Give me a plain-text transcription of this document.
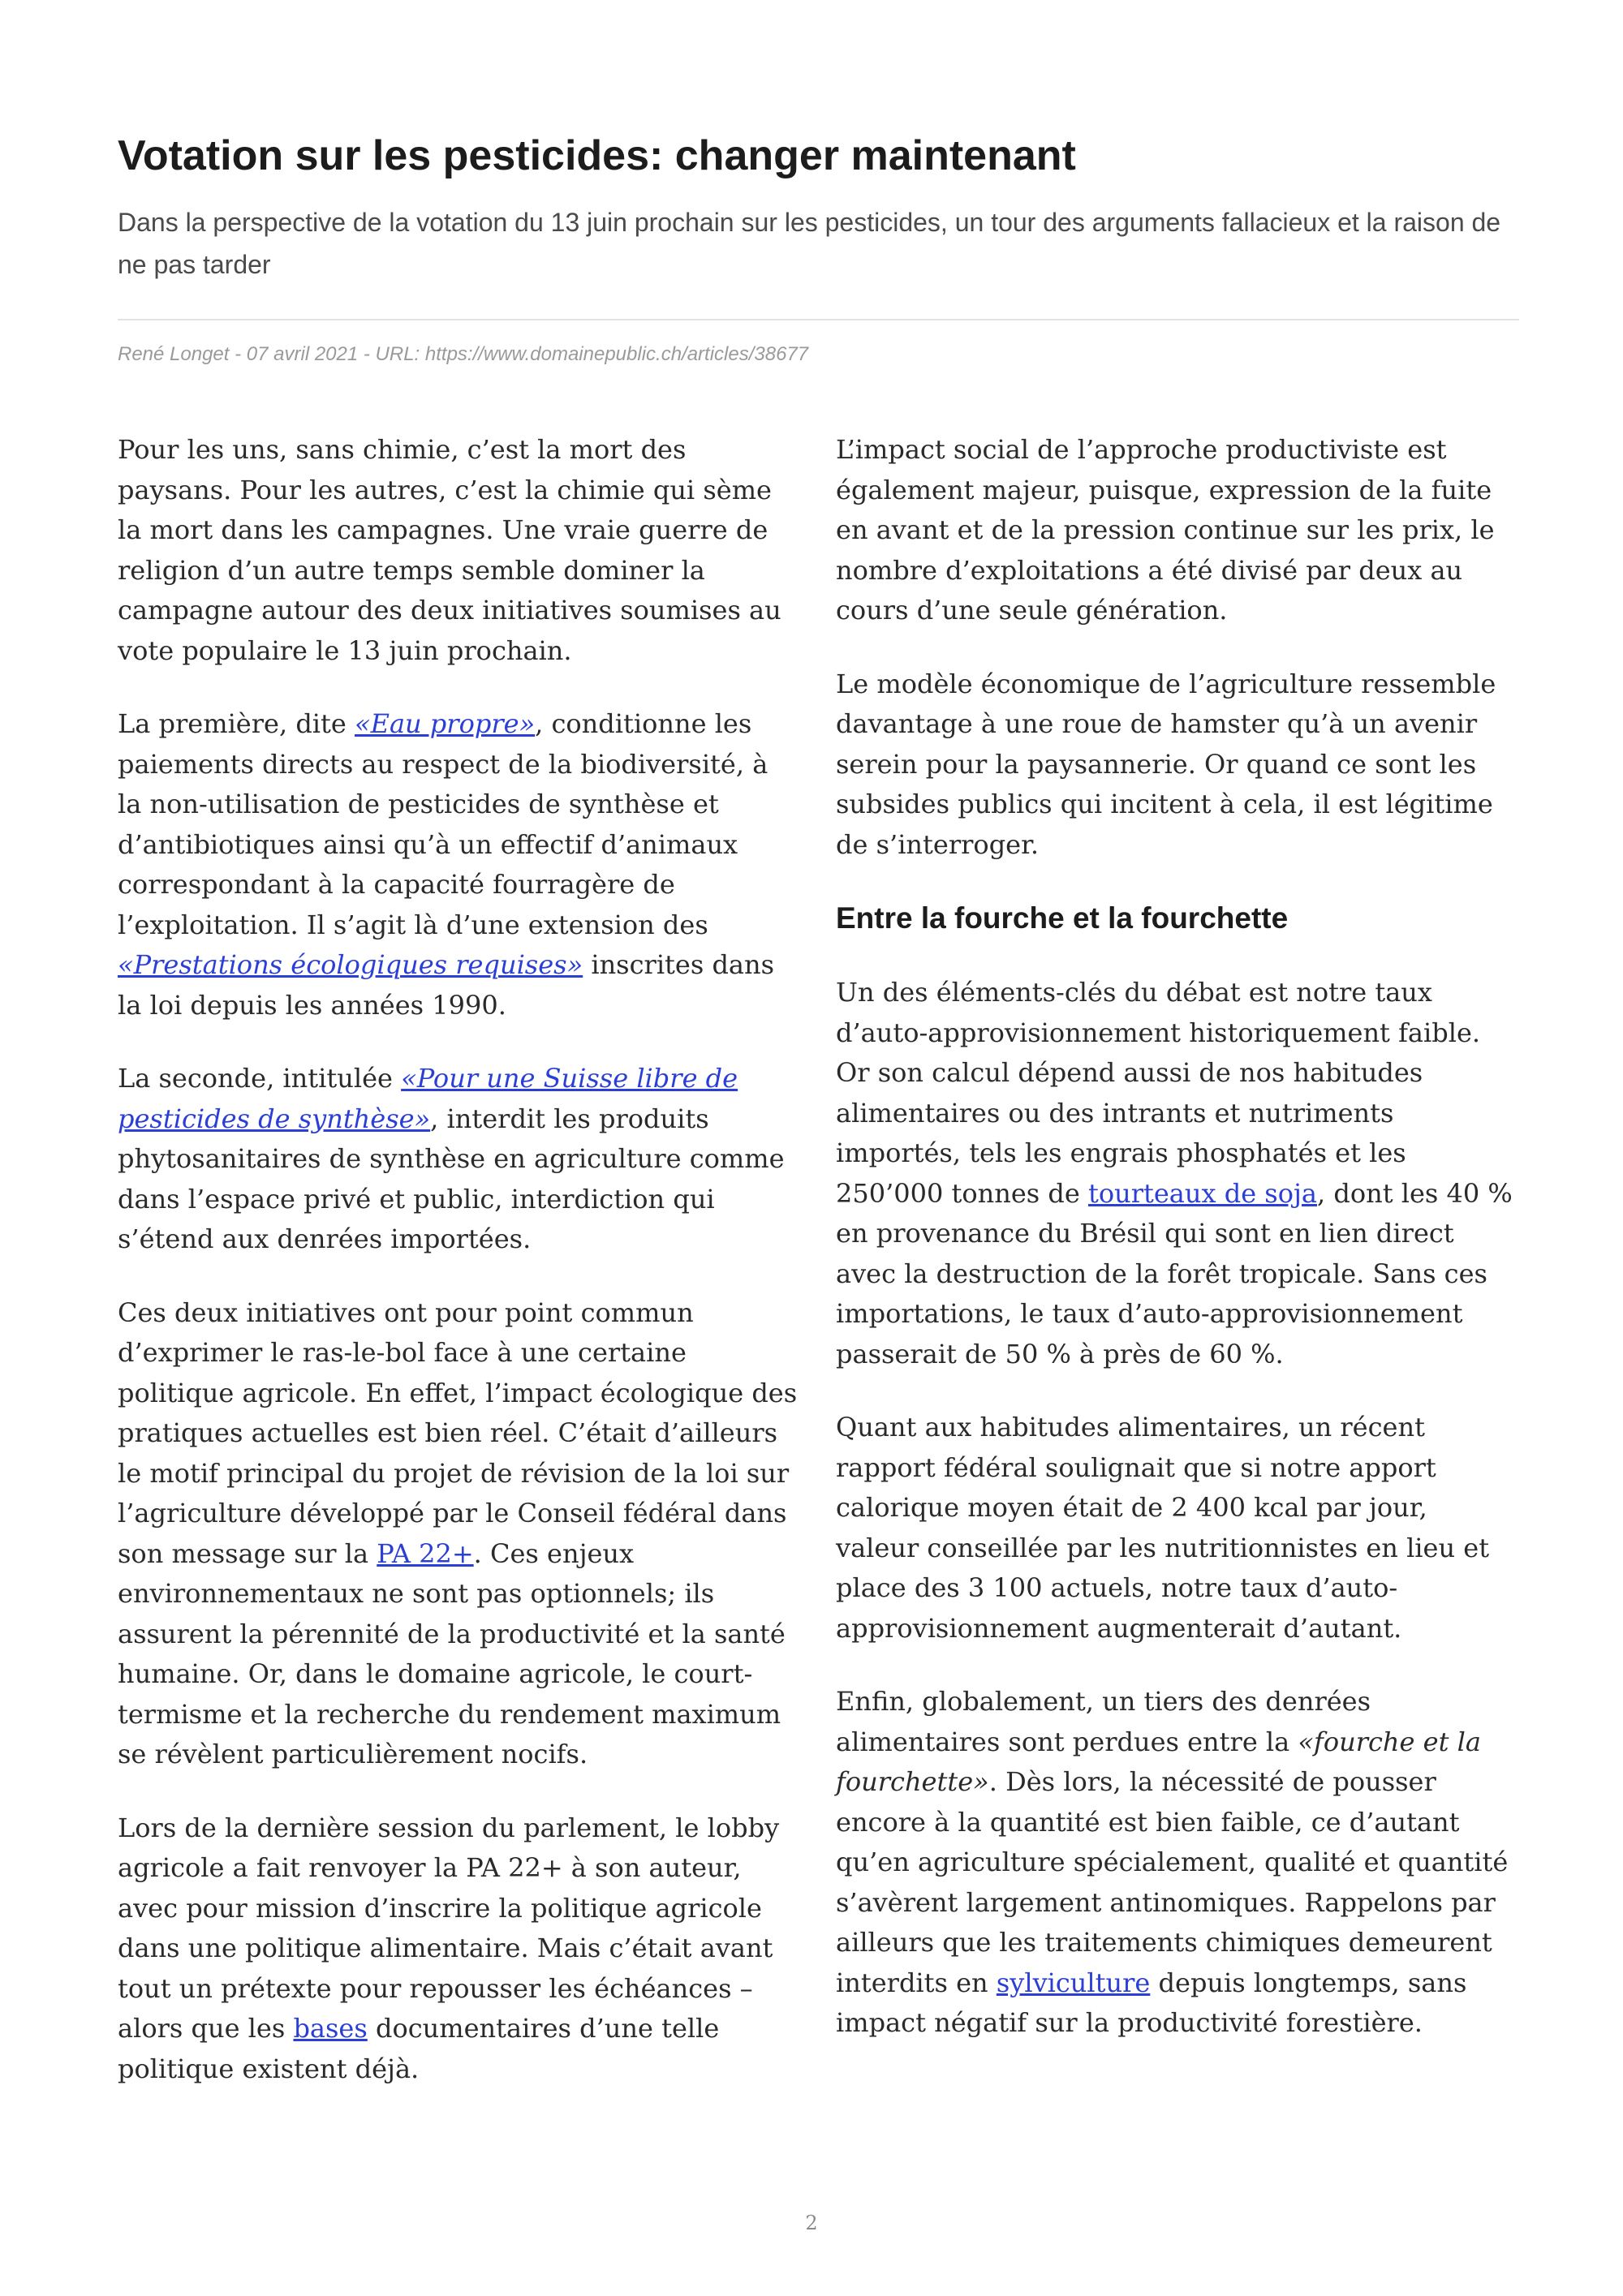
Votation sur les pesticides: changer maintenant

Dans la perspective de la votation du 13 juin prochain sur les pesticides, un tour des arguments fallacieux et la raison de ne pas tarder

René Longet - 07 avril 2021 - URL: https://www.domainepublic.ch/articles/38677

Pour les uns, sans chimie, c’est la mort des paysans. Pour les autres, c’est la chimie qui sème la mort dans les campagnes. Une vraie guerre de religion d’un autre temps semble dominer la campagne autour des deux initiatives soumises au vote populaire le 13 juin prochain.

La première, dite «Eau propre», conditionne les paiements directs au respect de la biodiversité, à la non-utilisation de pesticides de synthèse et d’antibiotiques ainsi qu’à un effectif d’animaux correspondant à la capacité fourragère de l’exploitation. Il s’agit là d’une extension des «Prestations écologiques requises» inscrites dans la loi depuis les années 1990.

La seconde, intitulée «Pour une Suisse libre de pesticides de synthèse», interdit les produits phytosanitaires de synthèse en agriculture comme dans l’espace privé et public, interdiction qui s’étend aux denrées importées.

Ces deux initiatives ont pour point commun d’exprimer le ras-le-bol face à une certaine politique agricole. En effet, l’impact écologique des pratiques actuelles est bien réel. C’était d’ailleurs le motif principal du projet de révision de la loi sur l’agriculture développé par le Conseil fédéral dans son message sur la PA 22+. Ces enjeux environnementaux ne sont pas optionnels; ils assurent la pérennité de la productivité et la santé humaine. Or, dans le domaine agricole, le court-termisme et la recherche du rendement maximum se révèlent particulièrement nocifs.

Lors de la dernière session du parlement, le lobby agricole a fait renvoyer la PA 22+ à son auteur, avec pour mission d’inscrire la politique agricole dans une politique alimentaire. Mais c’était avant tout un prétexte pour repousser les échéances – alors que les bases documentaires d’une telle politique existent déjà.

L’impact social de l’approche productiviste est également majeur, puisque, expression de la fuite en avant et de la pression continue sur les prix, le nombre d’exploitations a été divisé par deux au cours d’une seule génération.

Le modèle économique de l’agriculture ressemble davantage à une roue de hamster qu’à un avenir serein pour la paysannerie. Or quand ce sont les subsides publics qui incitent à cela, il est légitime de s’interroger.

Entre la fourche et la fourchette

Un des éléments-clés du débat est notre taux d’auto-approvisionnement historiquement faible. Or son calcul dépend aussi de nos habitudes alimentaires ou des intrants et nutriments importés, tels les engrais phosphatés et les 250’000 tonnes de tourteaux de soja, dont les 40 % en provenance du Brésil qui sont en lien direct avec la destruction de la forêt tropicale. Sans ces importations, le taux d’auto-approvisionnement passerait de 50 % à près de 60 %.

Quant aux habitudes alimentaires, un récent rapport fédéral soulignait que si notre apport calorique moyen était de 2 400 kcal par jour, valeur conseillée par les nutritionnistes en lieu et place des 3 100 actuels, notre taux d’auto-approvisionnement augmenterait d’autant.

Enfin, globalement, un tiers des denrées alimentaires sont perdues entre la «fourche et la fourchette». Dès lors, la nécessité de pousser encore à la quantité est bien faible, ce d’autant qu’en agriculture spécialement, qualité et quantité s’avèrent largement antinomiques. Rappelons par ailleurs que les traitements chimiques demeurent interdits en sylviculture depuis longtemps, sans impact négatif sur la productivité forestière.

2
